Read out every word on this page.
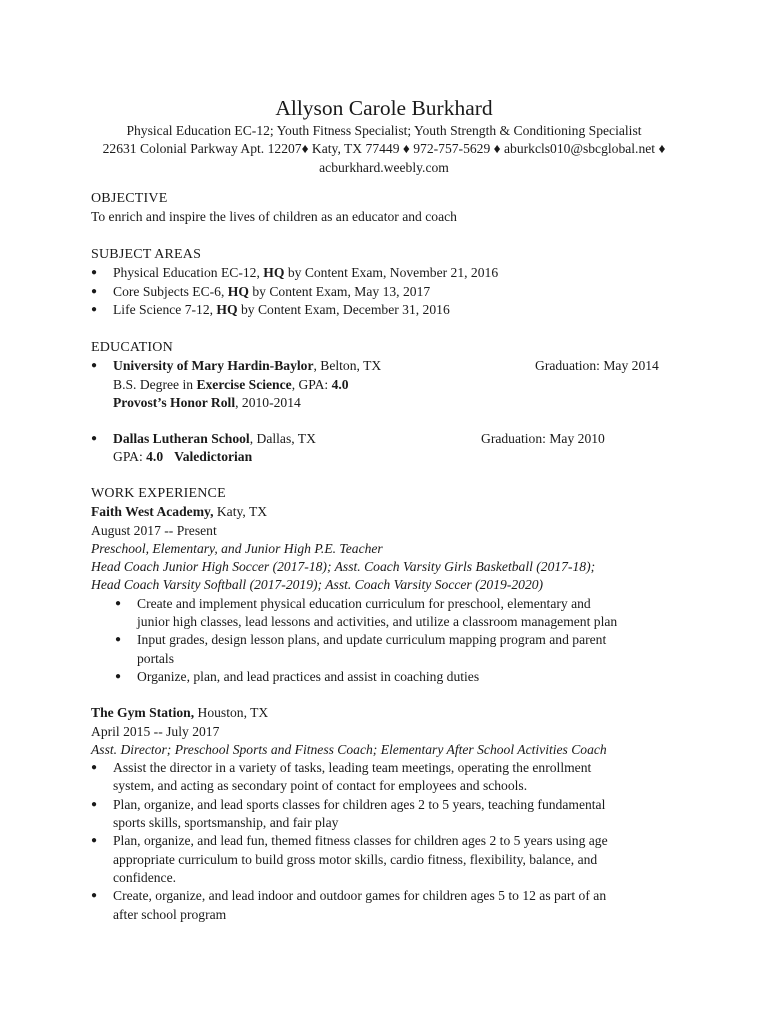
Allyson Carole Burkhard
Physical Education EC-12; Youth Fitness Specialist; Youth Strength & Conditioning Specialist
22631 Colonial Parkway Apt. 12207♦ Katy, TX 77449 ♦ 972-757-5629 ♦ aburkcls010@sbcglobal.net ♦
acburkhard.weebly.com
OBJECTIVE
To enrich and inspire the lives of children as an educator and coach
SUBJECT AREAS
● Physical Education EC-12, HQ by Content Exam, November 21, 2016
● Core Subjects EC-6, HQ by Content Exam, May 13, 2017
● Life Science 7-12, HQ by Content Exam, December 31, 2016
EDUCATION
● University of Mary Hardin-Baylor, Belton, TX	Graduation: May 2014
B.S. Degree in Exercise Science, GPA: 4.0
Provost’s Honor Roll, 2010-2014
● Dallas Lutheran School, Dallas, TX	Graduation: May 2010
GPA: 4.0 Valedictorian
WORK EXPERIENCE
Faith West Academy, Katy, TX
August 2017 -- Present
Preschool, Elementary, and Junior High P.E. Teacher
Head Coach Junior High Soccer (2017-18); Asst. Coach Varsity Girls Basketball (2017-18);
Head Coach Varsity Softball (2017-2019); Asst. Coach Varsity Soccer (2019-2020)
● Create and implement physical education curriculum for preschool, elementary and
junior high classes, lead lessons and activities, and utilize a classroom management plan
● Input grades, design lesson plans, and update curriculum mapping program and parent
portals
● Organize, plan, and lead practices and assist in coaching duties
The Gym Station, Houston, TX
April 2015 -- July 2017
Asst. Director; Preschool Sports and Fitness Coach; Elementary After School Activities Coach
● Assist the director in a variety of tasks, leading team meetings, operating the enrollment
system, and acting as secondary point of contact for employees and schools.
● Plan, organize, and lead sports classes for children ages 2 to 5 years, teaching fundamental
sports skills, sportsmanship, and fair play
● Plan, organize, and lead fun, themed fitness classes for children ages 2 to 5 years using age
appropriate curriculum to build gross motor skills, cardio fitness, flexibility, balance, and
confidence.
● Create, organize, and lead indoor and outdoor games for children ages 5 to 12 as part of an
after school program
